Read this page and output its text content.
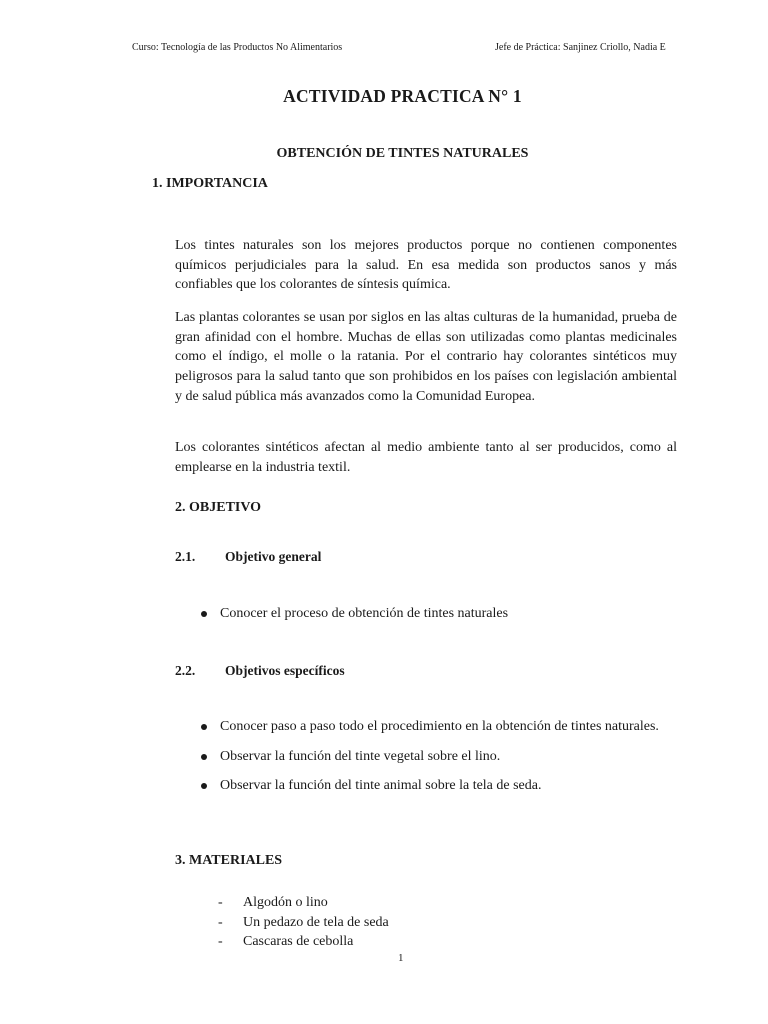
Curso: Tecnología de las Productos No Alimentarios	Jefe de Práctica: Sanjinez Criollo, Nadia E
ACTIVIDAD PRACTICA N° 1
OBTENCIÓN DE TINTES NATURALES
1. IMPORTANCIA
Los tintes naturales son los mejores productos porque no contienen componentes químicos perjudiciales para la salud. En esa medida son productos sanos y más confiables que los colorantes de síntesis química.
Las plantas colorantes se usan por siglos en las altas culturas de la humanidad, prueba de gran afinidad con el hombre. Muchas de ellas son utilizadas como plantas medicinales como el índigo, el molle o la ratania. Por el contrario hay colorantes sintéticos muy peligrosos para la salud tanto que son prohibidos en los países con legislación ambiental y de salud pública más avanzados como la Comunidad Europea.
Los colorantes sintéticos afectan al medio ambiente tanto al ser producidos, como al emplearse en la industria textil.
2. OBJETIVO
2.1. Objetivo general
Conocer el proceso de obtención de tintes naturales
2.2. Objetivos específicos
Conocer paso a paso todo el procedimiento en la obtención de tintes naturales.
Observar la función del tinte vegetal sobre el lino.
Observar la función del tinte animal sobre la tela de seda.
3. MATERIALES
- Algodón o lino
- Un pedazo de tela de seda
- Cascaras de cebolla
1
